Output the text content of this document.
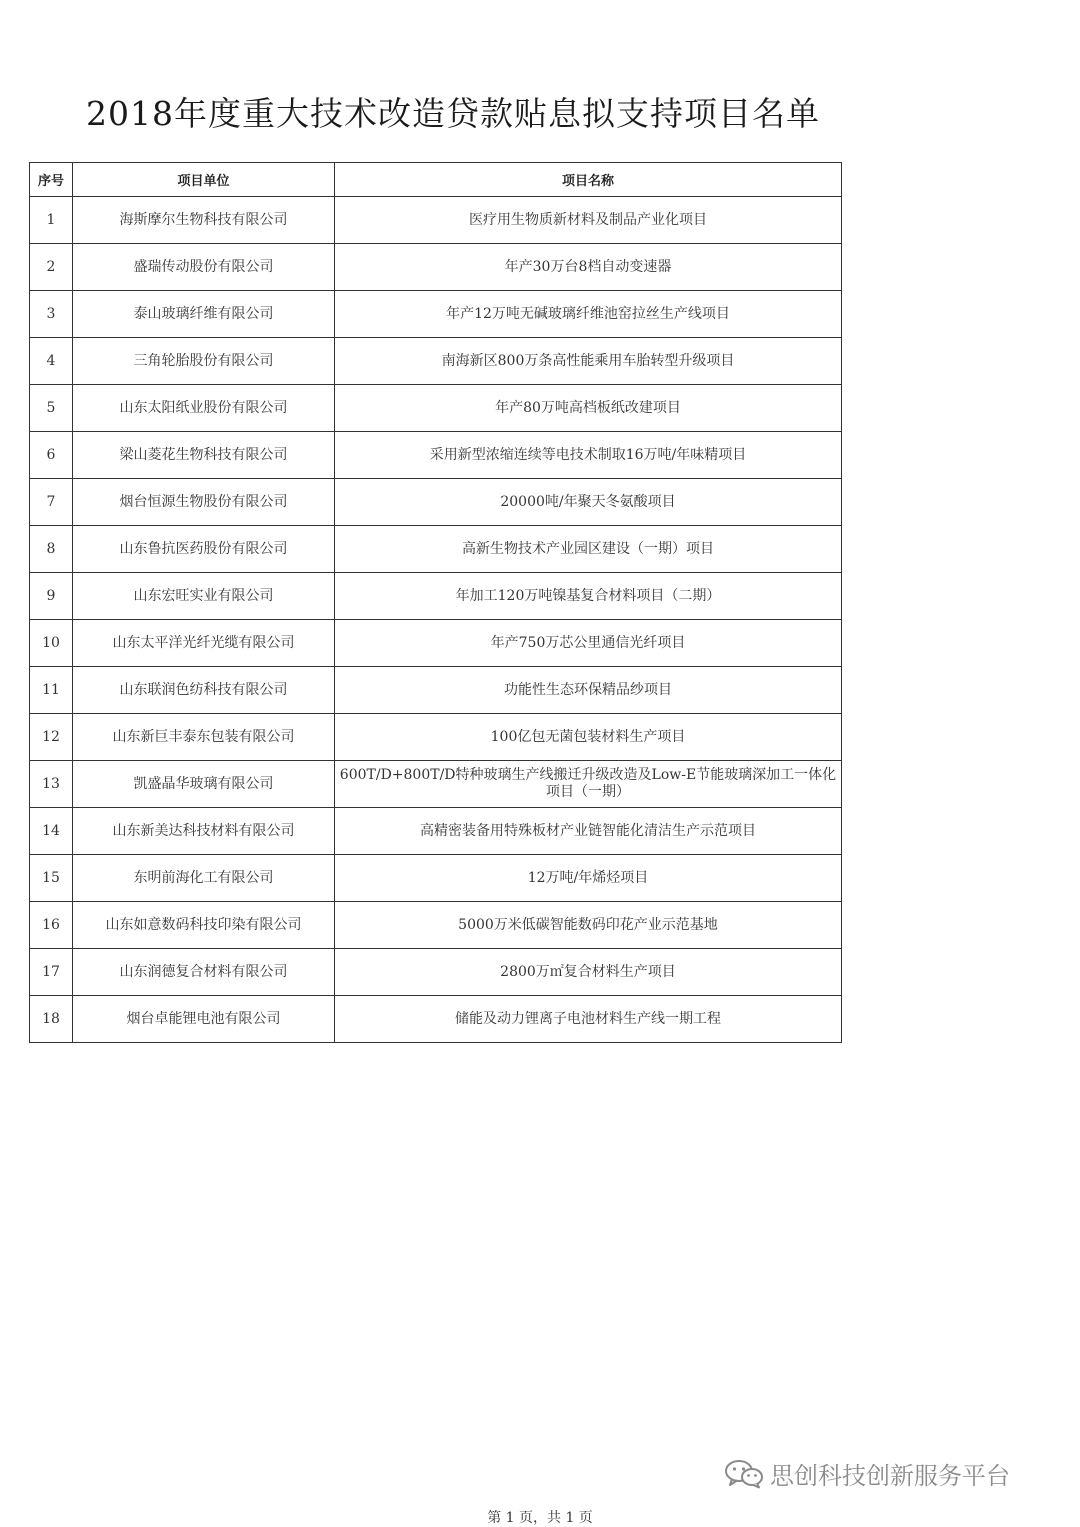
2018年度重大技术改造贷款贴息拟支持项目名单
序号	项目单位	项目名称
1	海斯摩尔生物科技有限公司	医疗用生物质新材料及制品产业化项目
2	盛瑞传动股份有限公司	年产30万台8档自动变速器
3	泰山玻璃纤维有限公司	年产12万吨无碱玻璃纤维池窑拉丝生产线项目
4	三角轮胎股份有限公司	南海新区800万条高性能乘用车胎转型升级项目
5	山东太阳纸业股份有限公司	年产80万吨高档板纸改建项目
6	梁山菱花生物科技有限公司	采用新型浓缩连续等电技术制取16万吨/年味精项目
7	烟台恒源生物股份有限公司	20000吨/年聚天冬氨酸项目
8	山东鲁抗医药股份有限公司	高新生物技术产业园区建设（一期）项目
9	山东宏旺实业有限公司	年加工120万吨镍基复合材料项目（二期）
10	山东太平洋光纤光缆有限公司	年产750万芯公里通信光纤项目
11	山东联润色纺科技有限公司	功能性生态环保精品纱项目
12	山东新巨丰泰东包装有限公司	100亿包无菌包装材料生产项目
13	凯盛晶华玻璃有限公司	600T/D+800T/D特种玻璃生产线搬迁升级改造及Low-E节能玻璃深加工一体化项目（一期）
14	山东新美达科技材料有限公司	高精密装备用特殊板材产业链智能化清洁生产示范项目
15	东明前海化工有限公司	12万吨/年烯烃项目
16	山东如意数码科技印染有限公司	5000万米低碳智能数码印花产业示范基地
17	山东润德复合材料有限公司	2800万㎡复合材料生产项目
18	烟台卓能锂电池有限公司	储能及动力锂离子电池材料生产线一期工程
思创科技创新服务平台
第 1 页，共 1 页
